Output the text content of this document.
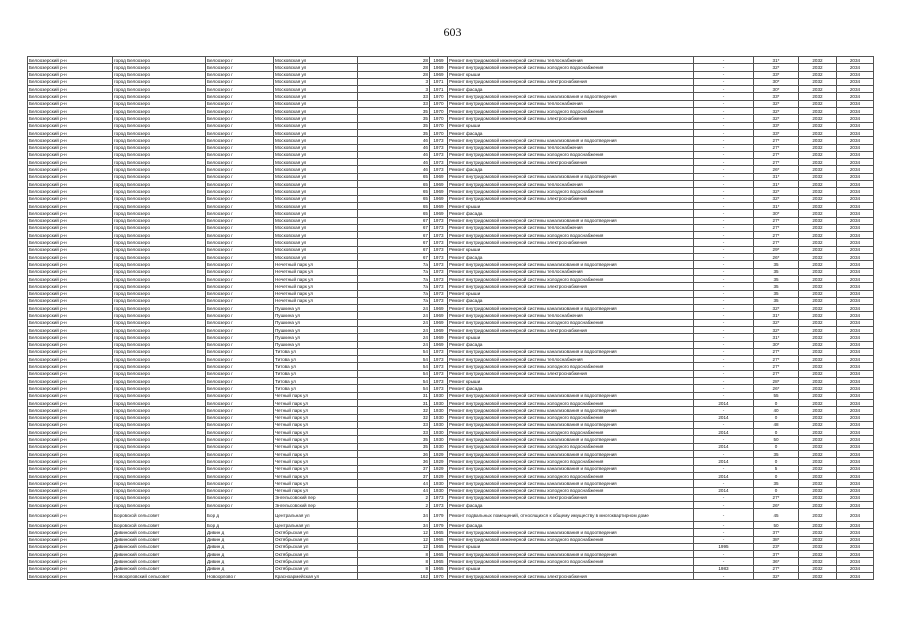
603
Белоозерский р-н	город Белоозеро	Белоозеро г	Московская ул	28	1969	Ремонт внутридомовой инженерной системы теплоснабжения	-	31*	2032	2034
Белоозерский р-н	город Белоозеро	Белоозеро г	Московская ул	28	1969	Ремонт внутридомовой инженерной системы холодного водоснабжения	-	32*	2032	2034
Белоозерский р-н	город Белоозеро	Белоозеро г	Московская ул	28	1969	Ремонт крыши	-	33*	2032	2034
Белоозерский р-н	город Белоозеро	Белоозеро г	Московская ул	3	1971	Ремонт внутридомовой инженерной системы электроснабжения	-	30*	2032	2034
Белоозерский р-н	город Белоозеро	Белоозеро г	Московская ул	3	1971	Ремонт фасада	-	30*	2032	2034
Белоозерский р-н	город Белоозеро	Белоозеро г	Московская ул	33	1970	Ремонт внутридомовой инженерной системы канализования и водоотведения	-	33*	2032	2034
Белоозерский р-н	город Белоозеро	Белоозеро г	Московская ул	33	1970	Ремонт внутридомовой инженерной системы теплоснабжения	-	32*	2032	2034
Белоозерский р-н	город Белоозеро	Белоозеро г	Московская ул	35	1970	Ремонт внутридомовой инженерной системы холодного водоснабжения	-	32*	2032	2034
Белоозерский р-н	город Белоозеро	Белоозеро г	Московская ул	35	1970	Ремонт внутридомовой инженерной системы электроснабжения	-	32*	2032	2034
Белоозерский р-н	город Белоозеро	Белоозеро г	Московская ул	35	1970	Ремонт крыши	-	33*	2032	2034
Белоозерский р-н	город Белоозеро	Белоозеро г	Московская ул	35	1970	Ремонт фасада	-	33*	2032	2034
Белоозерский р-н	город Белоозеро	Белоозеро г	Московская ул	46	1973	Ремонт внутридомовой инженерной системы канализования и водоотведения	-	27*	2032	2034
Белоозерский р-н	город Белоозеро	Белоозеро г	Московская ул	46	1973	Ремонт внутридомовой инженерной системы теплоснабжения	-	27*	2032	2034
Белоозерский р-н	город Белоозеро	Белоозеро г	Московская ул	46	1973	Ремонт внутридомовой инженерной системы холодного водоснабжения	-	27*	2032	2034
Белоозерский р-н	город Белоозеро	Белоозеро г	Московская ул	46	1973	Ремонт внутридомовой инженерной системы электроснабжения	-	27*	2032	2034
Белоозерский р-н	город Белоозеро	Белоозеро г	Московская ул	46	1973	Ремонт фасада	-	26*	2032	2034
Белоозерский р-н	город Белоозеро	Белоозеро г	Московская ул	65	1969	Ремонт внутридомовой инженерной системы канализования и водоотведения	-	31*	2032	2034
Белоозерский р-н	город Белоозеро	Белоозеро г	Московская ул	65	1969	Ремонт внутридомовой инженерной системы теплоснабжения	-	31*	2032	2034
Белоозерский р-н	город Белоозеро	Белоозеро г	Московская ул	65	1969	Ремонт внутридомовой инженерной системы холодного водоснабжения	-	32*	2032	2034
Белоозерский р-н	город Белоозеро	Белоозеро г	Московская ул	65	1969	Ремонт внутридомовой инженерной системы электроснабжения	-	32*	2032	2034
Белоозерский р-н	город Белоозеро	Белоозеро г	Московская ул	65	1969	Ремонт крыши	-	31*	2032	2034
Белоозерский р-н	город Белоозеро	Белоозеро г	Московская ул	65	1969	Ремонт фасада	-	30*	2032	2034
Белоозерский р-н	город Белоозеро	Белоозеро г	Московская ул	67	1973	Ремонт внутридомовой инженерной системы канализования и водоотведения	-	27*	2032	2034
Белоозерский р-н	город Белоозеро	Белоозеро г	Московская ул	67	1973	Ремонт внутридомовой инженерной системы теплоснабжения	-	27*	2032	2034
Белоозерский р-н	город Белоозеро	Белоозеро г	Московская ул	67	1973	Ремонт внутридомовой инженерной системы холодного водоснабжения	-	27*	2032	2034
Белоозерский р-н	город Белоозеро	Белоозеро г	Московская ул	67	1973	Ремонт внутридомовой инженерной системы электроснабжения	-	27*	2032	2034
Белоозерский р-н	город Белоозеро	Белоозеро г	Московская ул	67	1973	Ремонт крыши	-	29*	2032	2034
Белоозерский р-н	город Белоозеро	Белоозеро г	Московская ул	67	1973	Ремонт фасада	-	26*	2032	2034
Белоозерский р-н	город Белоозеро	Белоозеро г	Нечетный парк ул	7а	1973	Ремонт внутридомовой инженерной системы канализования и водоотведения	-	35	2032	2034
Белоозерский р-н	город Белоозеро	Белоозеро г	Нечетный парк ул	7а	1973	Ремонт внутридомовой инженерной системы теплоснабжения	-	35	2032	2034
Белоозерский р-н	город Белоозеро	Белоозеро г	Нечетный парк ул	7а	1973	Ремонт внутридомовой инженерной системы холодного водоснабжения	-	35	2032	2034
Белоозерский р-н	город Белоозеро	Белоозеро г	Нечетный парк ул	7а	1973	Ремонт внутридомовой инженерной системы электроснабжения	-	35	2032	2034
Белоозерский р-н	город Белоозеро	Белоозеро г	Нечетный парк ул	7а	1973	Ремонт крыши	-	35	2032	2034
Белоозерский р-н	город Белоозеро	Белоозеро г	Нечетный парк ул	7а	1973	Ремонт фасада	-	35	2032	2034
Белоозерский р-н	город Белоозеро	Белоозеро г	Пушкина ул	24	1969	Ремонт внутридомовой инженерной системы канализования и водоотведения	-	32*	2032	2034
Белоозерский р-н	город Белоозеро	Белоозеро г	Пушкина ул	24	1969	Ремонт внутридомовой инженерной системы теплоснабжения	-	31*	2032	2034
Белоозерский р-н	город Белоозеро	Белоозеро г	Пушкина ул	24	1969	Ремонт внутридомовой инженерной системы холодного водоснабжения	-	32*	2032	2034
Белоозерский р-н	город Белоозеро	Белоозеро г	Пушкина ул	24	1969	Ремонт внутридомовой инженерной системы электроснабжения	-	32*	2032	2034
Белоозерский р-н	город Белоозеро	Белоозеро г	Пушкина ул	24	1969	Ремонт крыши	-	31*	2032	2034
Белоозерский р-н	город Белоозеро	Белоозеро г	Пушкина ул	24	1969	Ремонт фасада	-	30*	2032	2034
Белоозерский р-н	город Белоозеро	Белоозеро г	Титова ул	54	1973	Ремонт внутридомовой инженерной системы канализования и водоотведения	-	27*	2032	2034
Белоозерский р-н	город Белоозеро	Белоозеро г	Титова ул	54	1973	Ремонт внутридомовой инженерной системы теплоснабжения	-	27*	2032	2034
Белоозерский р-н	город Белоозеро	Белоозеро г	Титова ул	54	1973	Ремонт внутридомовой инженерной системы холодного водоснабжения	-	27*	2032	2034
Белоозерский р-н	город Белоозеро	Белоозеро г	Титова ул	54	1973	Ремонт внутридомовой инженерной системы электроснабжения	-	27*	2032	2034
Белоозерский р-н	город Белоозеро	Белоозеро г	Титова ул	54	1973	Ремонт крыши	-	28*	2032	2034
Белоозерский р-н	город Белоозеро	Белоозеро г	Титова ул	54	1973	Ремонт фасада	-	26*	2032	2034
Белоозерский р-н	город Белоозеро	Белоозеро г	Четный парк ул	31	1930	Ремонт внутридомовой инженерной системы канализования и водоотведения	-	55	2032	2034
Белоозерский р-н	город Белоозеро	Белоозеро г	Четный парк ул	31	1930	Ремонт внутридомовой инженерной системы холодного водоснабжения	2014	0	2032	2034
Белоозерский р-н	город Белоозеро	Белоозеро г	Четный парк ул	32	1930	Ремонт внутридомовой инженерной системы канализования и водоотведения	-	40	2032	2034
Белоозерский р-н	город Белоозеро	Белоозеро г	Четный парк ул	32	1930	Ремонт внутридомовой инженерной системы холодного водоснабжения	2014	0	2032	2034
Белоозерский р-н	город Белоозеро	Белоозеро г	Четный парк ул	33	1930	Ремонт внутридомовой инженерной системы канализования и водоотведения	-	48	2032	2034
Белоозерский р-н	город Белоозеро	Белоозеро г	Четный парк ул	33	1930	Ремонт внутридомовой инженерной системы холодного водоснабжения	2014	0	2032	2034
Белоозерский р-н	город Белоозеро	Белоозеро г	Четный парк ул	35	1930	Ремонт внутридомовой инженерной системы канализования и водоотведения	-	50	2032	2034
Белоозерский р-н	город Белоозеро	Белоозеро г	Четный парк ул	35	1930	Ремонт внутридомовой инженерной системы холодного водоснабжения	2014	0	2032	2034
Белоозерский р-н	город Белоозеро	Белоозеро г	Четный парк ул	36	1929	Ремонт внутридомовой инженерной системы канализования и водоотведения	-	35	2032	2034
Белоозерский р-н	город Белоозеро	Белоозеро г	Четный парк ул	36	1929	Ремонт внутридомовой инженерной системы холодного водоснабжения	2014	0	2032	2034
Белоозерский р-н	город Белоозеро	Белоозеро г	Четный парк ул	37	1929	Ремонт внутридомовой инженерной системы канализования и водоотведения	-	5	2032	2034
Белоозерский р-н	город Белоозеро	Белоозеро г	Четный парк ул	37	1929	Ремонт внутридомовой инженерной системы холодного водоснабжения	2014	0	2032	2034
Белоозерский р-н	город Белоозеро	Белоозеро г	Четный парк ул	44	1930	Ремонт внутридомовой инженерной системы канализования и водоотведения	-	35	2032	2034
Белоозерский р-н	город Белоозеро	Белоозеро г	Четный парк ул	44	1930	Ремонт внутридомовой инженерной системы холодного водоснабжения	2014	0	2032	2034
Белоозерский р-н	город Белоозеро	Белоозеро г	Энгельсовский пер	2	1973	Ремонт внутридомовой инженерной системы электроснабжения	-	27*	2032	2034
Белоозерский р-н	город Белоозеро	Белоозеро г	Энгельсовский пер	2	1973	Ремонт фасада	-	26*	2032	2034
Белоозерский р-н	Боровской сельсовет	Бор д	Центральная ул	34	1979	Ремонт подвальных помещений, относящихся к общему имуществу в многоквартирном доме	-	45	2032	2034
Белоозерский р-н	Боровской сельсовет	Бор д	Центральная ул	34	1979	Ремонт фасада	-	50	2032	2034
Белоозерский р-н	Дивинский сельсовет	Дивин д	Октябрьская ул	12	1965	Ремонт внутридомовой инженерной системы канализования и водоотведения	-	37*	2032	2034
Белоозерский р-н	Дивинский сельсовет	Дивин д	Октябрьская ул	12	1965	Ремонт внутридомовой инженерной системы холодного водоснабжения	-	38*	2032	2034
Белоозерский р-н	Дивинский сельсовет	Дивин д	Октябрьская ул	12	1965	Ремонт крыши	1995	23*	2032	2034
Белоозерский р-н	Дивинский сельсовет	Дивин д	Октябрьская ул	8	1965	Ремонт внутридомовой инженерной системы канализования и водоотведения	-	37*	2032	2034
Белоозерский р-н	Дивинский сельсовет	Дивин д	Октябрьская ул	8	1965	Ремонт внутридомовой инженерной системы холодного водоснабжения	-	36*	2032	2034
Белоозерский р-н	Дивинский сельсовет	Дивин д	Октябрьская ул	8	1965	Ремонт крыши	1983	27*	2032	2034
Белоозерский р-н	Новоорловский сельсовет	Новоорлово г	Красноармейская ул	162	1970	Ремонт внутридомовой инженерной системы электроснабжения	-	32*	2032	2034
